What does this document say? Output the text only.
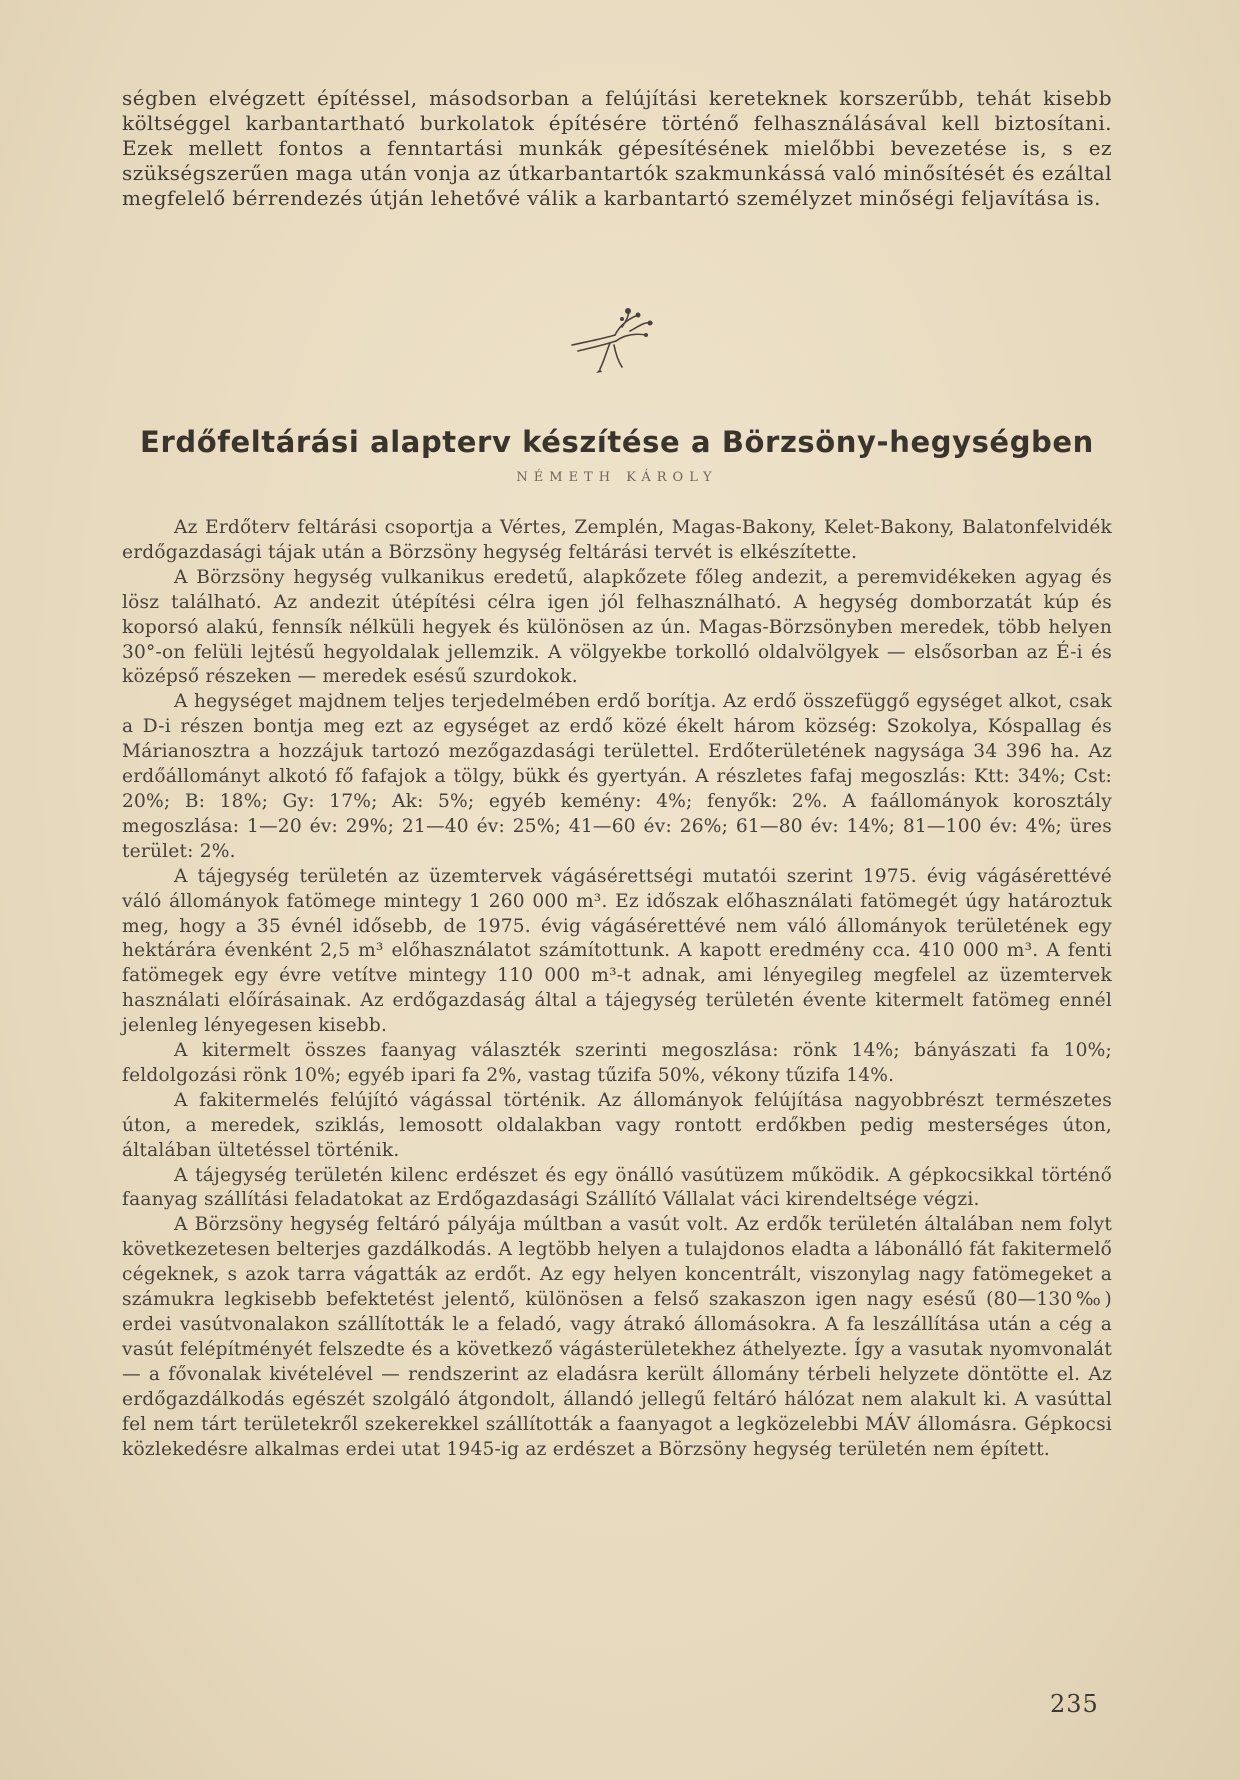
ségben elvégzett építéssel, másodsorban a felújítási kereteknek korszerűbb, tehát kisebb költséggel karbantartható burkolatok építésére történő felhasználásával kell biztosítani. Ezek mellett fontos a fenntartási munkák gépesítésének mielőbbi bevezetése is, s ez szükségszerűen maga után vonja az útkarbantartók szakmunkássá való minősítését és ezáltal megfelelő bérrendezés útján lehetővé válik a karbantartó személyzet minőségi feljavítása is.

Erdőfeltárási alapterv készítése a Börzsöny-hegységben
NÉMETH KÁROLY

Az Erdőterv feltárási csoportja a Vértes, Zemplén, Magas-Bakony, Kelet-Bakony, Balatonfelvidék erdőgazdasági tájak után a Börzsöny hegység feltárási tervét is elkészítette.

A Börzsöny hegység vulkanikus eredetű, alapkőzete főleg andezit, a peremvidékeken agyag és lösz található. Az andezit útépítési célra igen jól felhasználható. A hegység domborzatát kúp és koporsó alakú, fennsík nélküli hegyek és különösen az ún. Magas-Börzsönyben meredek, több helyen 30°-on felüli lejtésű hegyoldalak jellemzik. A völgyekbe torkolló oldalvölgyek — elsősorban az É-i és középső részeken — meredek esésű szurdokok.

A hegységet majdnem teljes terjedelmében erdő borítja. Az erdő összefüggő egységet alkot, csak a D-i részen bontja meg ezt az egységet az erdő közé ékelt három község: Szokolya, Kóspallag és Márianosztra a hozzájuk tartozó mezőgazdasági területtel. Erdőterületének nagysága 34 396 ha. Az erdőállományt alkotó fő fafajok a tölgy, bükk és gyertyán. A részletes fafaj megoszlás: Ktt: 34%; Cst: 20%; B: 18%; Gy: 17%; Ak: 5%; egyéb kemény: 4%; fenyők: 2%. A faállományok korosztály megoszlása: 1—20 év: 29%; 21—40 év: 25%; 41—60 év: 26%; 61—80 év: 14%; 81—100 év: 4%; üres terület: 2%.

A tájegység területén az üzemtervek vágásérettségi mutatói szerint 1975. évig vágásérettévé váló állományok fatömege mintegy 1 260 000 m³. Ez időszak előhasználati fatömegét úgy határoztuk meg, hogy a 35 évnél idősebb, de 1975. évig vágásérettévé nem váló állományok területének egy hektárára évenként 2,5 m³ előhasználatot számítottunk. A kapott eredmény cca. 410 000 m³. A fenti fatömegek egy évre vetítve mintegy 110 000 m³-t adnak, ami lényegileg megfelel az üzemtervek használati előírásainak. Az erdőgazdaság által a tájegység területén évente kitermelt fatömeg ennél jelenleg lényegesen kisebb.

A kitermelt összes faanyag választék szerinti megoszlása: rönk 14%; bányászati fa 10%; feldolgozási rönk 10%; egyéb ipari fa 2%, vastag tűzifa 50%, vékony tűzifa 14%.

A fakitermelés felújító vágással történik. Az állományok felújítása nagyobbrészt természetes úton, a meredek, sziklás, lemosott oldalakban vagy rontott erdőkben pedig mesterséges úton, általában ültetéssel történik.

A tájegység területén kilenc erdészet és egy önálló vasútüzem működik. A gépkocsikkal történő faanyag szállítási feladatokat az Erdőgazdasági Szállító Vállalat váci kirendeltsége végzi.

A Börzsöny hegység feltáró pályája múltban a vasút volt. Az erdők területén általában nem folyt következetesen belterjes gazdálkodás. A legtöbb helyen a tulajdonos eladta a lábonálló fát fakitermelő cégeknek, s azok tarra vágatták az erdőt. Az egy helyen koncentrált, viszonylag nagy fatömegeket a számukra legkisebb befektetést jelentő, különösen a felső szakaszon igen nagy esésű (80—130‰) erdei vasútvonalakon szállították le a feladó, vagy átrakó állomásokra. A fa leszállítása után a cég a vasút felépítményét felszedte és a következő vágásterületekhez áthelyezte. Így a vasutak nyomvonalát — a fővonalak kivételével — rendszerint az eladásra került állomány térbeli helyzete döntötte el. Az erdőgazdálkodás egészét szolgáló átgondolt, állandó jellegű feltáró hálózat nem alakult ki. A vasúttal fel nem tárt területekről szekerekkel szállították a faanyagot a legközelebbi MÁV állomásra. Gépkocsi közlekedésre alkalmas erdei utat 1945-ig az erdészet a Börzsöny hegység területén nem épített.

235
